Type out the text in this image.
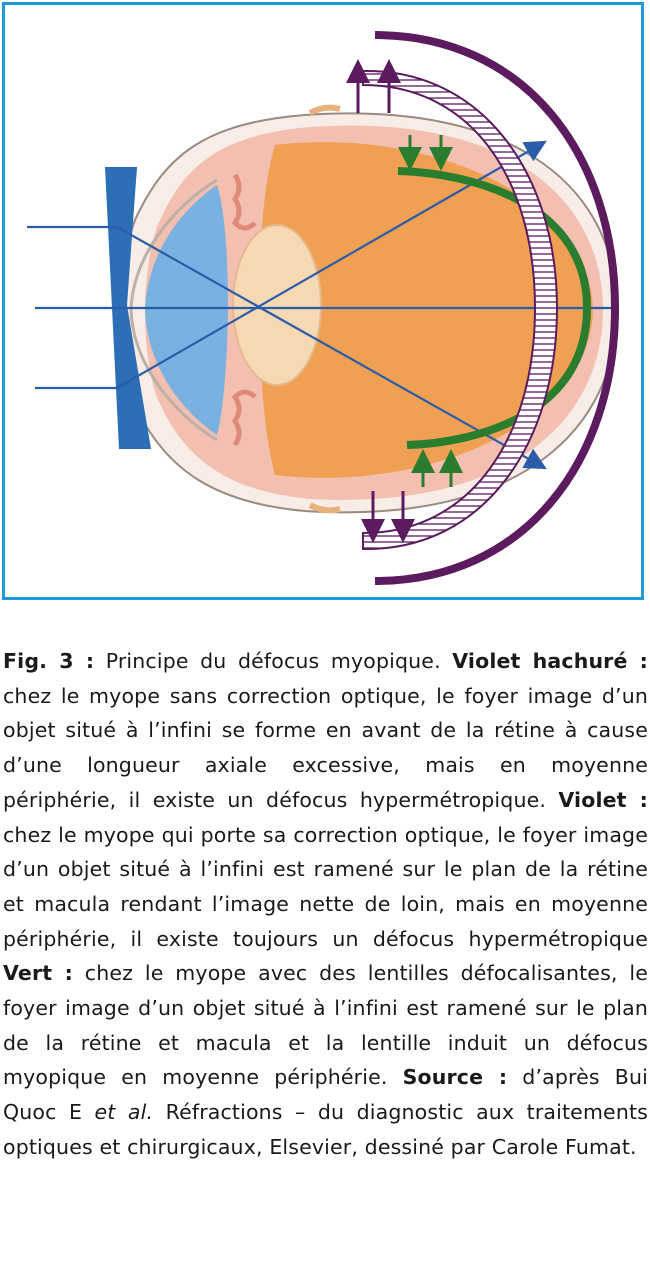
Fig. 3 : Principe du défocus myopique. Violet hachuré : chez le myope sans correction optique, le foyer image d’un objet situé à l’infini se forme en avant de la rétine à cause d’une longueur axiale excessive, mais en moyenne périphérie, il existe un défocus hypermétropique. Violet : chez le myope qui porte sa correction optique, le foyer image d’un objet situé à l’infini est ramené sur le plan de la rétine et macula rendant l’image nette de loin, mais en moyenne périphérie, il existe toujours un défocus hypermétropique Vert : chez le myope avec des lentilles défocalisantes, le foyer image d’un objet situé à l’infini est ramené sur le plan de la rétine et macula et la lentille induit un défocus myopique en moyenne périphérie. Source : d’après Bui Quoc E et al. Réfractions – du diagnostic aux traitements optiques et chirurgicaux, Elsevier, dessiné par Carole Fumat.
